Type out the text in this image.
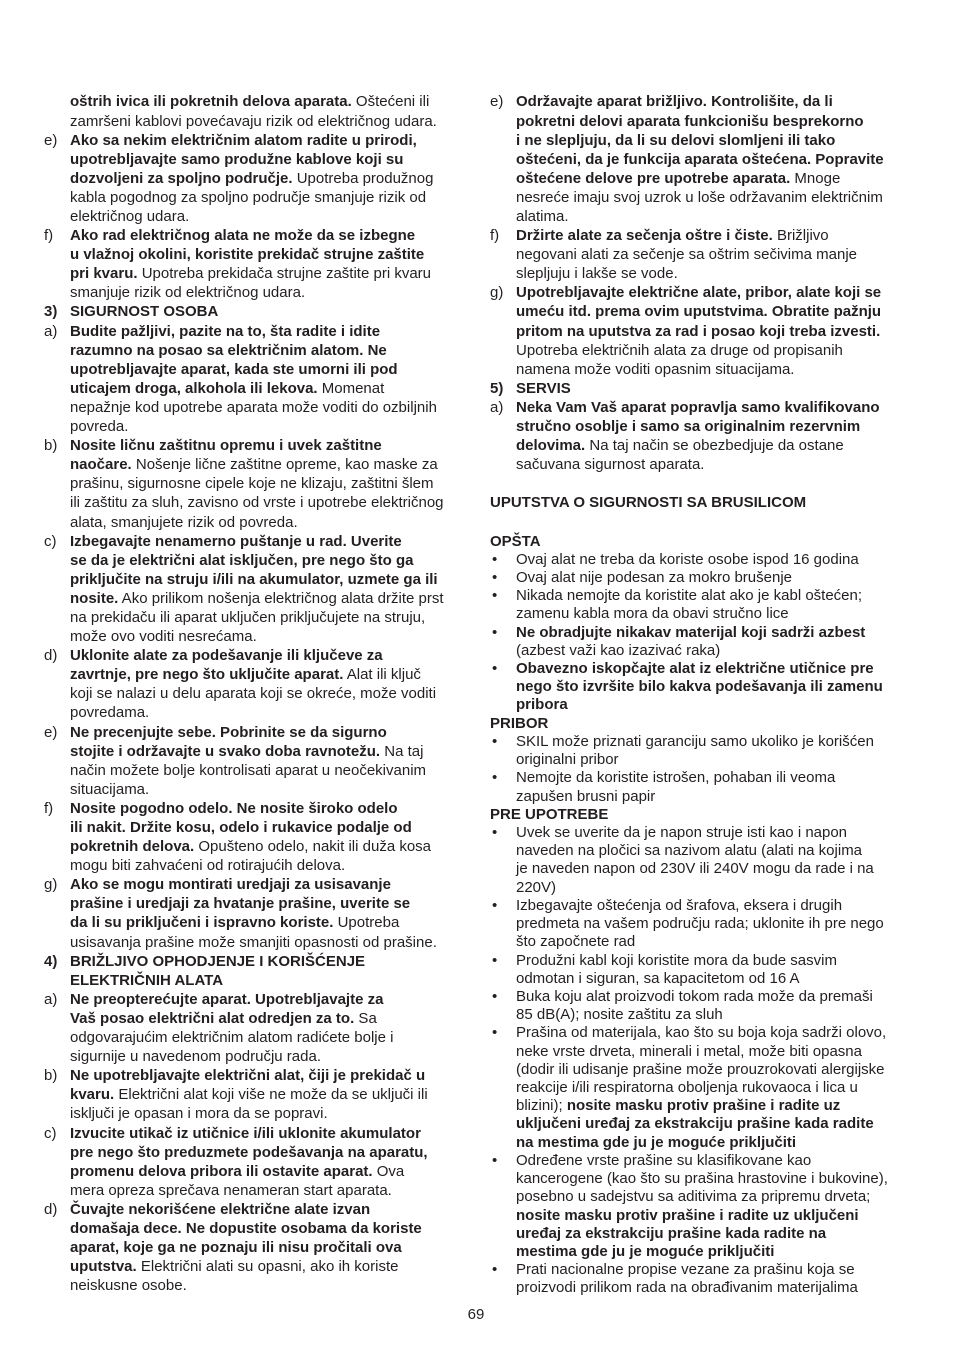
oštrih ivica ili pokretnih delova aparata. Oštećeni ili
zamršeni kablovi povećavaju rizik od električnog udara.
e) Ako sa nekim električnim alatom radite u prirodi,
upotrebljavajte samo produžne kablove koji su
dozvoljeni za spoljno područje. Upotreba produžnog
kabla pogodnog za spoljno područje smanjuje rizik od
električnog udara.
f)	Ako rad električnog alata ne može da se izbegne
u vlažnoj okolini, koristite prekidač strujne zaštite
pri kvaru. Upotreba prekidača strujne zaštite pri kvaru
smanjuje rizik od električnog udara.
3) SIGURNOST OSOBA
a) Budite pažljivi, pazite na to, šta radite i idite
razumno na posao sa električnim alatom. Ne
upotrebljavajte aparat, kada ste umorni ili pod
uticajem droga, alkohola ili lekova. Momenat
nepažnje kod upotrebe aparata može voditi do ozbiljnih
povreda.
b) Nosite ličnu zaštitnu opremu i uvek zaštitne
naočare. Nošenje lične zaštitne opreme, kao maske za
prašinu, sigurnosne cipele koje ne klizaju, zaštitni šlem
ili zaštitu za sluh, zavisno od vrste i upotrebe električnog
alata, smanjujete rizik od povreda.
c) Izbegavajte nenamerno puštanje u rad. Uverite
se da je električni alat isključen, pre nego što ga
priključite na struju i/ili na akumulator, uzmete ga ili
nosite. Ako prilikom nošenja električnog alata držite prst
na prekidaču ili aparat uključen priključujete na struju,
može ovo voditi nesrećama.
d) Uklonite alate za podešavanje ili ključeve za
zavrtnje, pre nego što uključite aparat. Alat ili ključ
koji se nalazi u delu aparata koji se okreće, može voditi
povredama.
e) Ne precenjujte sebe. Pobrinite se da sigurno
stojite i održavajte u svako doba ravnotežu. Na taj
način možete bolje kontrolisati aparat u neočekivanim
situacijama.
f)	Nosite pogodno odelo. Ne nosite široko odelo
ili nakit. Držite kosu, odelo i rukavice podalje od
pokretnih delova. Opušteno odelo, nakit ili duža kosa
mogu biti zahvaćeni od rotirajućih delova.
g) Ako se mogu montirati uredjaji za usisavanje
prašine i uredjaji za hvatanje prašine, uverite se
da li su priključeni i ispravno koriste. Upotreba
usisavanja prašine može smanjiti opasnosti od prašine.
4) BRIŽLJIVO OPHODJENJE I KORIŠĆENJE
ELEKTRIČNIH ALATA
a) Ne preopterećujte aparat. Upotrebljavajte za
Vaš posao električni alat odredjen za to. Sa
odgovarajućim električnim alatom radićete bolje i
sigurnije u navedenom području rada.
b) Ne upotrebljavajte električni alat, čiji je prekidač u
kvaru. Električni alat koji više ne može da se uključi ili
isključi je opasan i mora da se popravi.
c) Izvucite utikač iz utičnice i/ili uklonite akumulator
pre nego što preduzmete podešavanja na aparatu,
promenu delova pribora ili ostavite aparat. Ova
mera opreza sprečava nenameran start aparata.
d) Čuvajte nekorišćene električne alate izvan
domašaja dece. Ne dopustite osobama da koriste
aparat, koje ga ne poznaju ili nisu pročitali ova
uputstva. Električni alati su opasni, ako ih koriste
neiskusne osobe.
e) Održavajte aparat brižljivo. Kontrolišite, da li
pokretni delovi aparata funkcionišu besprekorno
i ne slepljuju, da li su delovi slomljeni ili tako
oštećeni, da je funkcija aparata oštećena. Popravite
oštećene delove pre upotrebe aparata. Mnoge
nesreće imaju svoj uzrok u loše održavanim električnim
alatima.
f)	Držirte alate za sečenja oštre i čiste. Brižljivo
negovani alati za sečenje sa oštrim sečivima manje
slepljuju i lakše se vode.
g) Upotrebljavajte električne alate, pribor, alate koji se
umeću itd. prema ovim uputstvima. Obratite pažnju
pritom na uputstva za rad i posao koji treba izvesti.
Upotreba električnih alata za druge od propisanih
namena može voditi opasnim situacijama.
5) SERVIS
a) Neka Vam Vaš aparat popravlja samo kvalifikovano
stručno osoblje i samo sa originalnim rezervnim
delovima. Na taj način se obezbedjuje da ostane
sačuvana sigurnost aparata.
UPUTSTVA O SIGURNOSTI SA BRUSILICOM
OPŠTA
•	Ovaj alat ne treba da koriste osobe ispod 16 godina
•	Ovaj alat nije podesan za mokro brušenje
•	Nikada nemojte da koristite alat ako je kabl oštećen;
zamenu kabla mora da obavi stručno lice
•	Ne obradjujte nikakav materijal koji sadrži azbest
(azbest važi kao izazivać raka)
•	Obavezno iskopčajte alat iz električne utičnice pre
nego što izvršite bilo kakva podešavanja ili zamenu
pribora
PRIBOR
•	SKIL može priznati garanciju samo ukoliko je korišćen
originalni pribor
•	Nemojte da koristite istrošen, pohaban ili veoma
zapušen brusni papir
PRE UPOTREBE
•	Uvek se uverite da je napon struje isti kao i napon
naveden na pločici sa nazivom alatu (alati na kojima
je naveden napon od 230V ili 240V mogu da rade i na
220V)
•	Izbegavajte oštećenja od šrafova, eksera i drugih
predmeta na vašem području rada; uklonite ih pre nego
što započnete rad
•	Produžni kabl koji koristite mora da bude sasvim
odmotan i siguran, sa kapacitetom od 16 A
•	Buka koju alat proizvodi tokom rada može da premaši
85 dB(A); nosite zaštitu za sluh
•	Prašina od materijala, kao što su boja koja sadrži olovo,
neke vrste drveta, minerali i metal, može biti opasna
(dodir ili udisanje prašine može prouzrokovati alergijske
reakcije i/ili respiratorna oboljenja rukovaoca i lica u
blizini); nosite masku protiv prašine i radite uz
uključeni uređaj za ekstrakciju prašine kada radite
na mestima gde ju je moguće priključiti
•	Određene vrste prašine su klasifikovane kao
kancerogene (kao što su prašina hrastovine i bukovine),
posebno u sadejstvu sa aditivima za pripremu drveta;
nosite masku protiv prašine i radite uz uključeni
uređaj za ekstrakciju prašine kada radite na
mestima gde ju je moguće priključiti
•	Prati nacionalne propise vezane za prašinu koja se
proizvodi prilikom rada na obrađivanim materijalima
69
